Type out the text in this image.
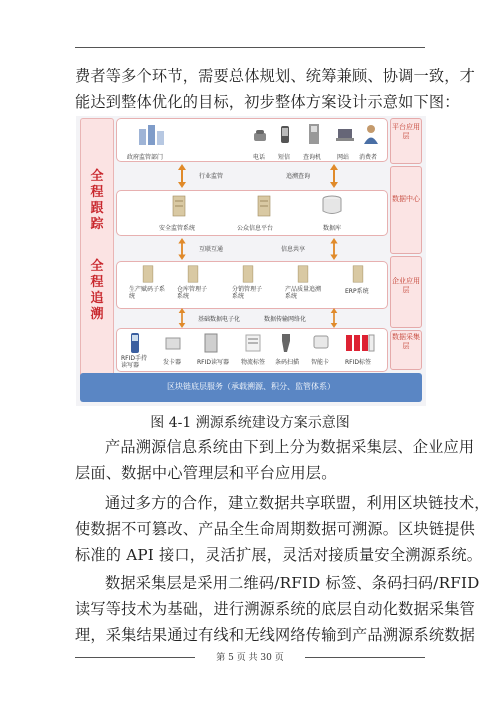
费者等多个环节，需要总体规划、统筹兼顾、协调一致，才
能达到整体优化的目标，初步整体方案设计示意如下图：
全
程
跟
踪
全
程
追
溯
政府监管部门	电话 短信 查询机	网站 消费者
平台应用层
行业监管	追溯查询
安全监管系统	公众信息平台	数据库
数据中心
互联互通	信息共享
生产赋码子系统
仓库管理子系统
分销管理子系统
产品质量追溯系统
ERP系统
企业应用层
基础数据电子化	数据传输网络化
RFID手持读写器	发卡器	RFID读写器 物流标签 条码扫描 智能卡	RFID标签
数据采集层
区块链底层服务（承载溯源、积分、监管体系）
图 4-1 溯源系统建设方案示意图
产品溯源信息系统由下到上分为数据采集层、企业应用
层面、数据中心管理层和平台应用层。
通过多方的合作，建立数据共享联盟，利用区块链技术，
使数据不可篡改、产品全生命周期数据可溯源。区块链提供
标准的 API 接口，灵活扩展，灵活对接质量安全溯源系统。
数据采集层是采用二维码/RFID 标签、条码扫码/RFID
读写等技术为基础，进行溯源系统的底层自动化数据采集管
理，采集结果通过有线和无线网络传输到产品溯源系统数据
第 5 页 共 30 页
